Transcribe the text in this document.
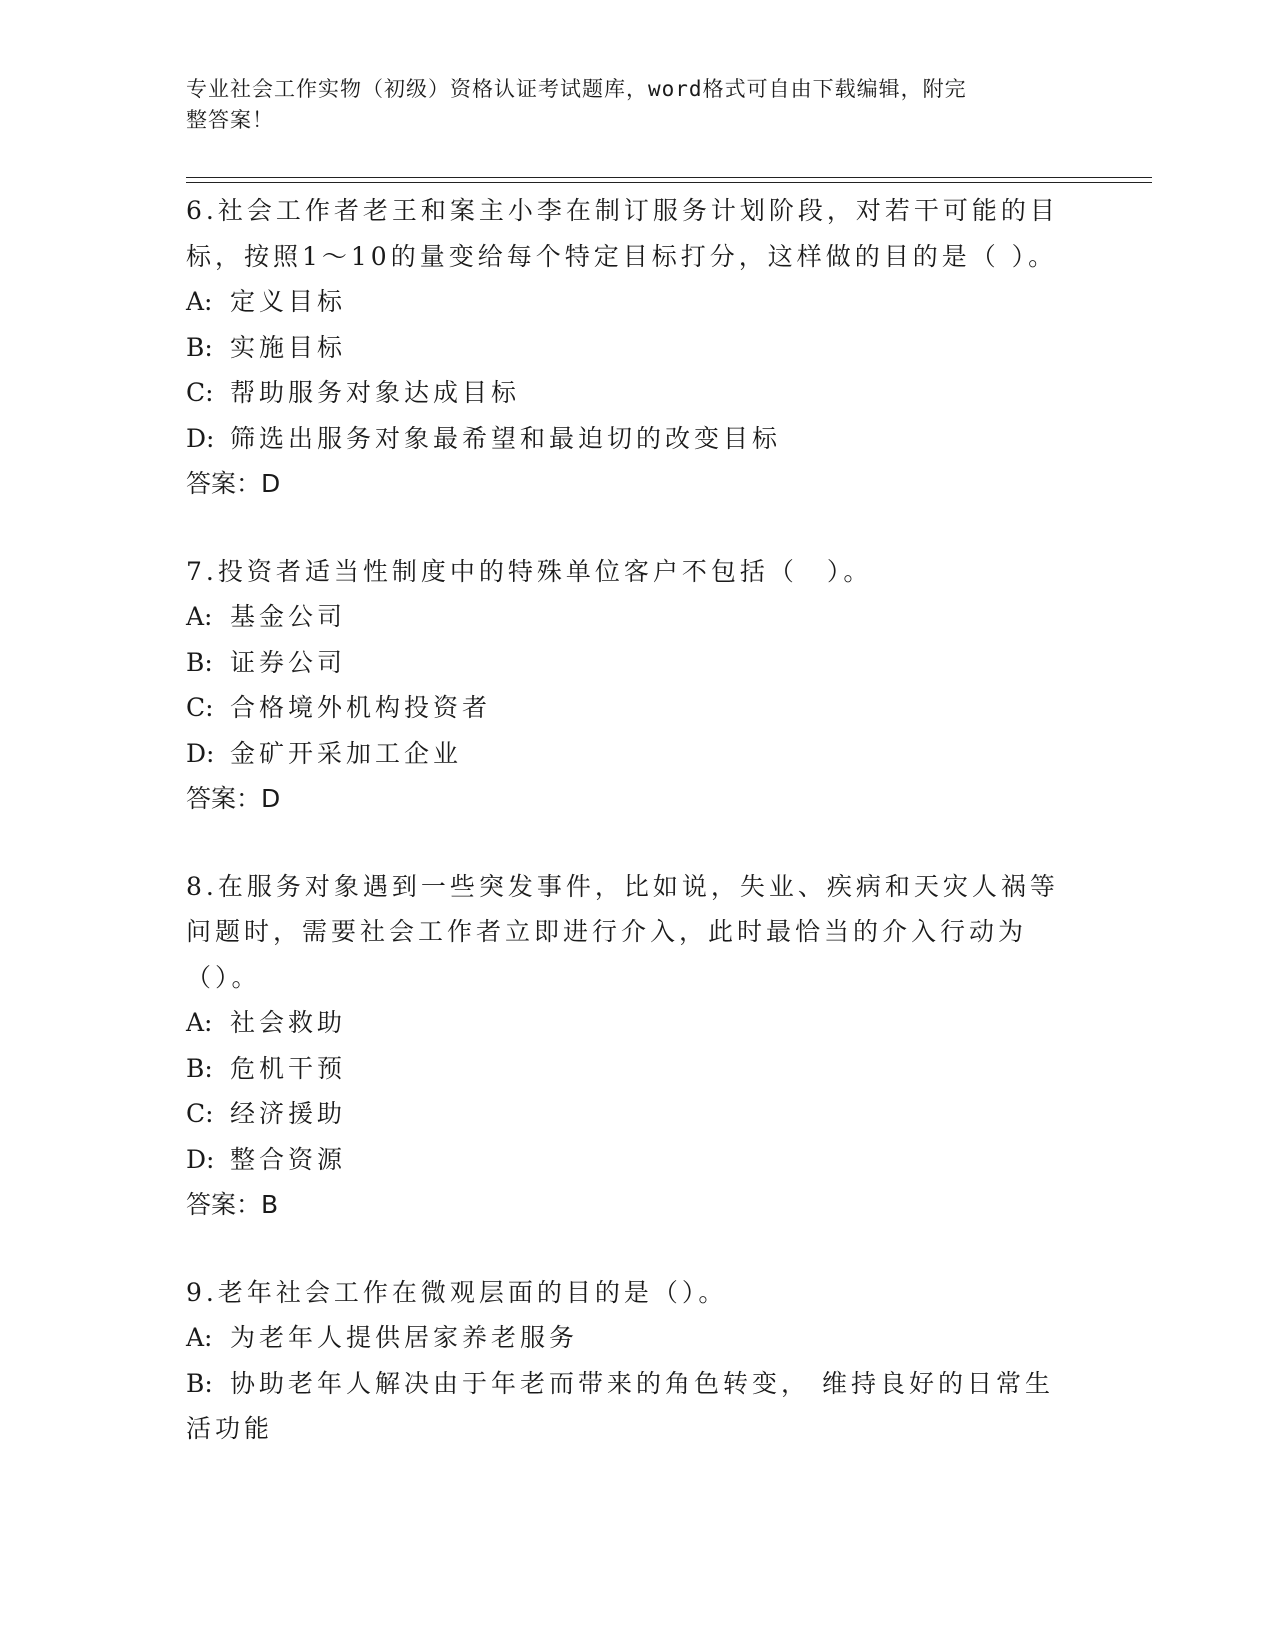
专业社会工作实物（初级）资格认证考试题库，word格式可自由下载编辑，附完
整答案！

6.社会工作者老王和案主小李在制订服务计划阶段，对若干可能的目标，按照1～10的量变给每个特定目标打分，这样做的目的是（ ）。

A: 定义目标

B: 实施目标

C: 帮助服务对象达成目标

D: 筛选出服务对象最希望和最迫切的改变目标

答案：D

7.投资者适当性制度中的特殊单位客户不包括（　）。

A: 基金公司

B: 证券公司

C: 合格境外机构投资者

D: 金矿开采加工企业

答案：D

8.在服务对象遇到一些突发事件，比如说，失业、疾病和天灾人祸等问题时，需要社会工作者立即进行介入，此时最恰当的介入行动为（）。

A: 社会救助

B: 危机干预

C: 经济援助

D: 整合资源

答案：B

9.老年社会工作在微观层面的目的是（）。

A: 为老年人提供居家养老服务

B: 协助老年人解决由于年老而带来的角色转变， 维持良好的日常生活功能
